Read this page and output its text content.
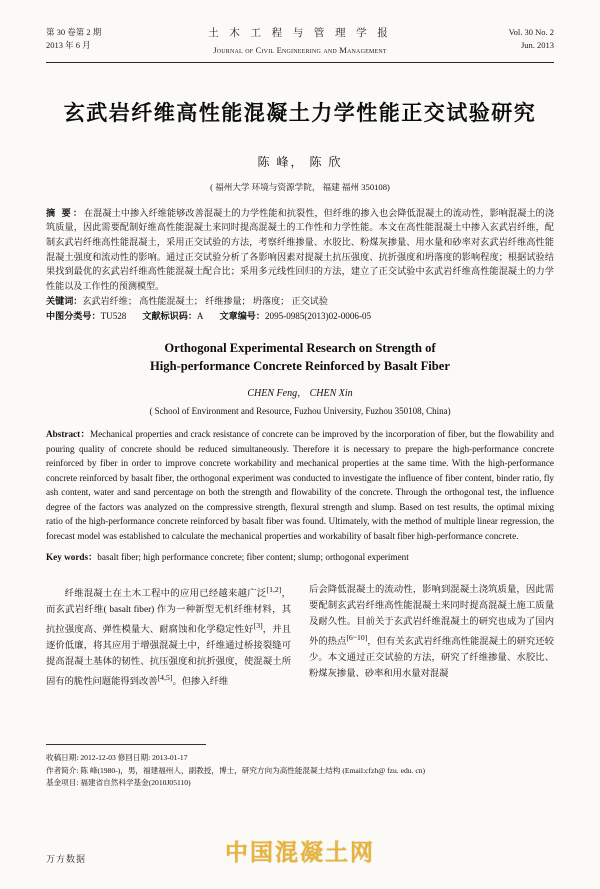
第 30 卷第 2 期
2013 年 6 月
土 木 工 程 与 管 理 学 报
Journal of Civil Engineering and Management
Vol. 30 No. 2
Jun. 2013
玄武岩纤维高性能混凝土力学性能正交试验研究
陈 峰， 陈 欣
( 福州大学 环境与资源学院， 福建 福州 350108)
摘 要：在混凝土中掺入纤维能够改善混凝土的力学性能和抗裂性，但纤维的掺入也会降低混凝土的流动性，影响混凝土的浇筑质量，因此需要配制好维高性能混凝土来同时提高混凝土的工作性和力学性能。本文在高性能混凝土中掺入玄武岩纤维，配制玄武岩纤维高性能混凝土，采用正交试验的方法，考察纤维掺量、水胶比、粉煤灰掺量、用水量和砂率对玄武岩纤维高性能混凝土强度和流动性的影响。通过正交试验分析了各影响因素对提凝土抗压强度、抗折强度和坍落度的影响程度；根据试验结果找到最优的玄武岩纤维高性能混凝土配合比；采用多元线性回归的方法，建立了正交试验中玄武岩纤维高性能混凝土的力学性能以及工作性的预测模型。
关键词：玄武岩纤维； 高性能混凝土； 纤维掺量； 坍落度； 正交试验
中图分类号：TU528 文献标识码：A 文章编号：2095-0985(2013)02-0006-05
Orthogonal Experimental Research on Strength of
High-performance Concrete Reinforced by Basalt Fiber
CHEN Feng， CHEN Xin
( School of Environment and Resource, Fuzhou University, Fuzhou 350108, China)
Abstract：Mechanical properties and crack resistance of concrete can be improved by the incorporation of fiber, but the flowability and pouring quality of concrete should be reduced simultaneously. Therefore it is necessary to prepare the high-performance concrete reinforced by fiber in order to improve concrete workability and mechanical properties at the same time. With the high-performance concrete reinforced by basalt fiber, the orthogonal experiment was conducted to investigate the influence of fiber content, binder ratio, fly ash content, water and sand percentage on both the strength and flowability of the concrete. Through the orthogonal test, the influence degree of the factors was analyzed on the compressive strength, flexural strength and slump. Based on test results, the optimal mixing ratio of the high-performance concrete reinforced by basalt fiber was found. Ultimately, with the method of multiple linear regression, the forecast model was established to calculate the mechanical properties and workability of basalt fiber high-performance concrete.
Key words：basalt fiber; high performance concrete; fiber content; slump; orthogonal experiment
纤维混凝土在土木工程中的应用已经越来越广泛[1,2]，而玄武岩纤维( basalt fiber) 作为一种新型无机纤维材料，其抗拉强度高、弹性模量大、耐腐蚀和化学稳定性好[3]，并且逐价低廉，将其应用于增强混凝土中，纤维通过桥接裂缝可提高混凝土基体的韧性、抗压强度和抗折强度，使混凝土所固有的脆性问题能得到改善[4,5]。但掺入纤维
后会降低混凝土的流动性，影响到混凝土浇筑质量，因此需要配制玄武岩纤维高性能混凝土来同时提高混凝土施工质量及耐久性。目前关于玄武岩纤维混凝土的研究也成为了国内外的热点[6~10]，但有关玄武岩纤维高性能混凝土的研究还较少。本文通过正交试验的方法，研究了纤维掺量、水胶比、粉煤灰掺量、砂率和用水量对混凝
收稿日期: 2012-12-03 修回日期: 2013-01-17
作者简介: 陈 峰(1980-)，男，福建福州人，副教授，博士，研究方向为高性能混凝土结构 (Email:cfzh@ fzu. edu. cn)
基金项目: 福建省自然科学基金(2010J05110)
万方数据	中国混凝土网
